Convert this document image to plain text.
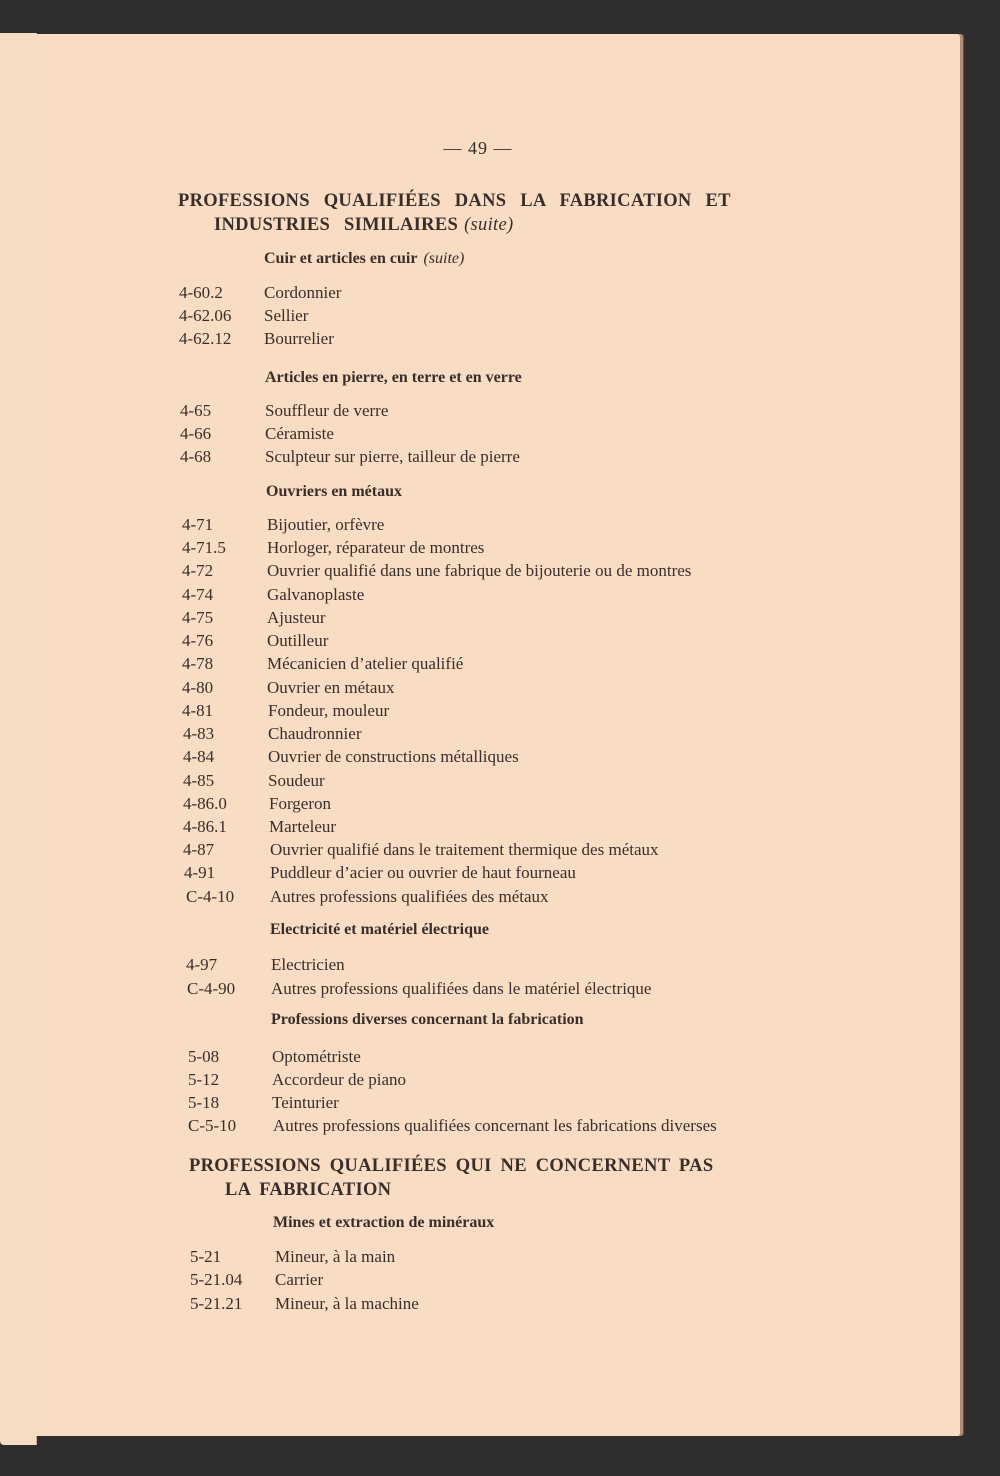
— 49 —
PROFESSIONS QUALIFIÉES DANS LA FABRICATION ET
INDUSTRIES SIMILAIRES (suite)
Cuir et articles en cuir (suite)
4-60.2 Cordonnier
4-62.06 Sellier
4-62.12 Bourrelier
Articles en pierre, en terre et en verre
4-65	Souffleur de verre
4-66	Céramiste
4-68	Sculpteur sur pierre, tailleur de pierre
Ouvriers en métaux
4-71	Bijoutier, orfèvre
4-71.5 Horloger, réparateur de montres
4-72	Ouvrier qualifié dans une fabrique de bijouterie ou de montres
4-74	Galvanoplaste
4-75	Ajusteur
4-76	Outilleur
4-78	Mécanicien d’atelier qualifié
4-80	Ouvrier en métaux
4-81	Fondeur, mouleur
4-83	Chaudronnier
4-84	Ouvrier de constructions métalliques
4-85	Soudeur
4-86.0 Forgeron
4-86.1 Marteleur
4-87	Ouvrier qualifié dans le traitement thermique des métaux
4-91	Puddleur d’acier ou ouvrier de haut fourneau
C-4-10 Autres professions qualifiées des métaux
Electricité et matériel électrique
4-97	Electricien
C-4-90 Autres professions qualifiées dans le matériel électrique
Professions diverses concernant la fabrication
5-08	Optométriste
5-12	Accordeur de piano
5-18	Teinturier
C-5-10 Autres professions qualifiées concernant les fabrications diverses
PROFESSIONS QUALIFIÉES QUI NE CONCERNENT PAS
LA FABRICATION
Mines et extraction de minéraux
5-21	Mineur, à la main
5-21.04 Carrier
5-21.21 Mineur, à la machine
